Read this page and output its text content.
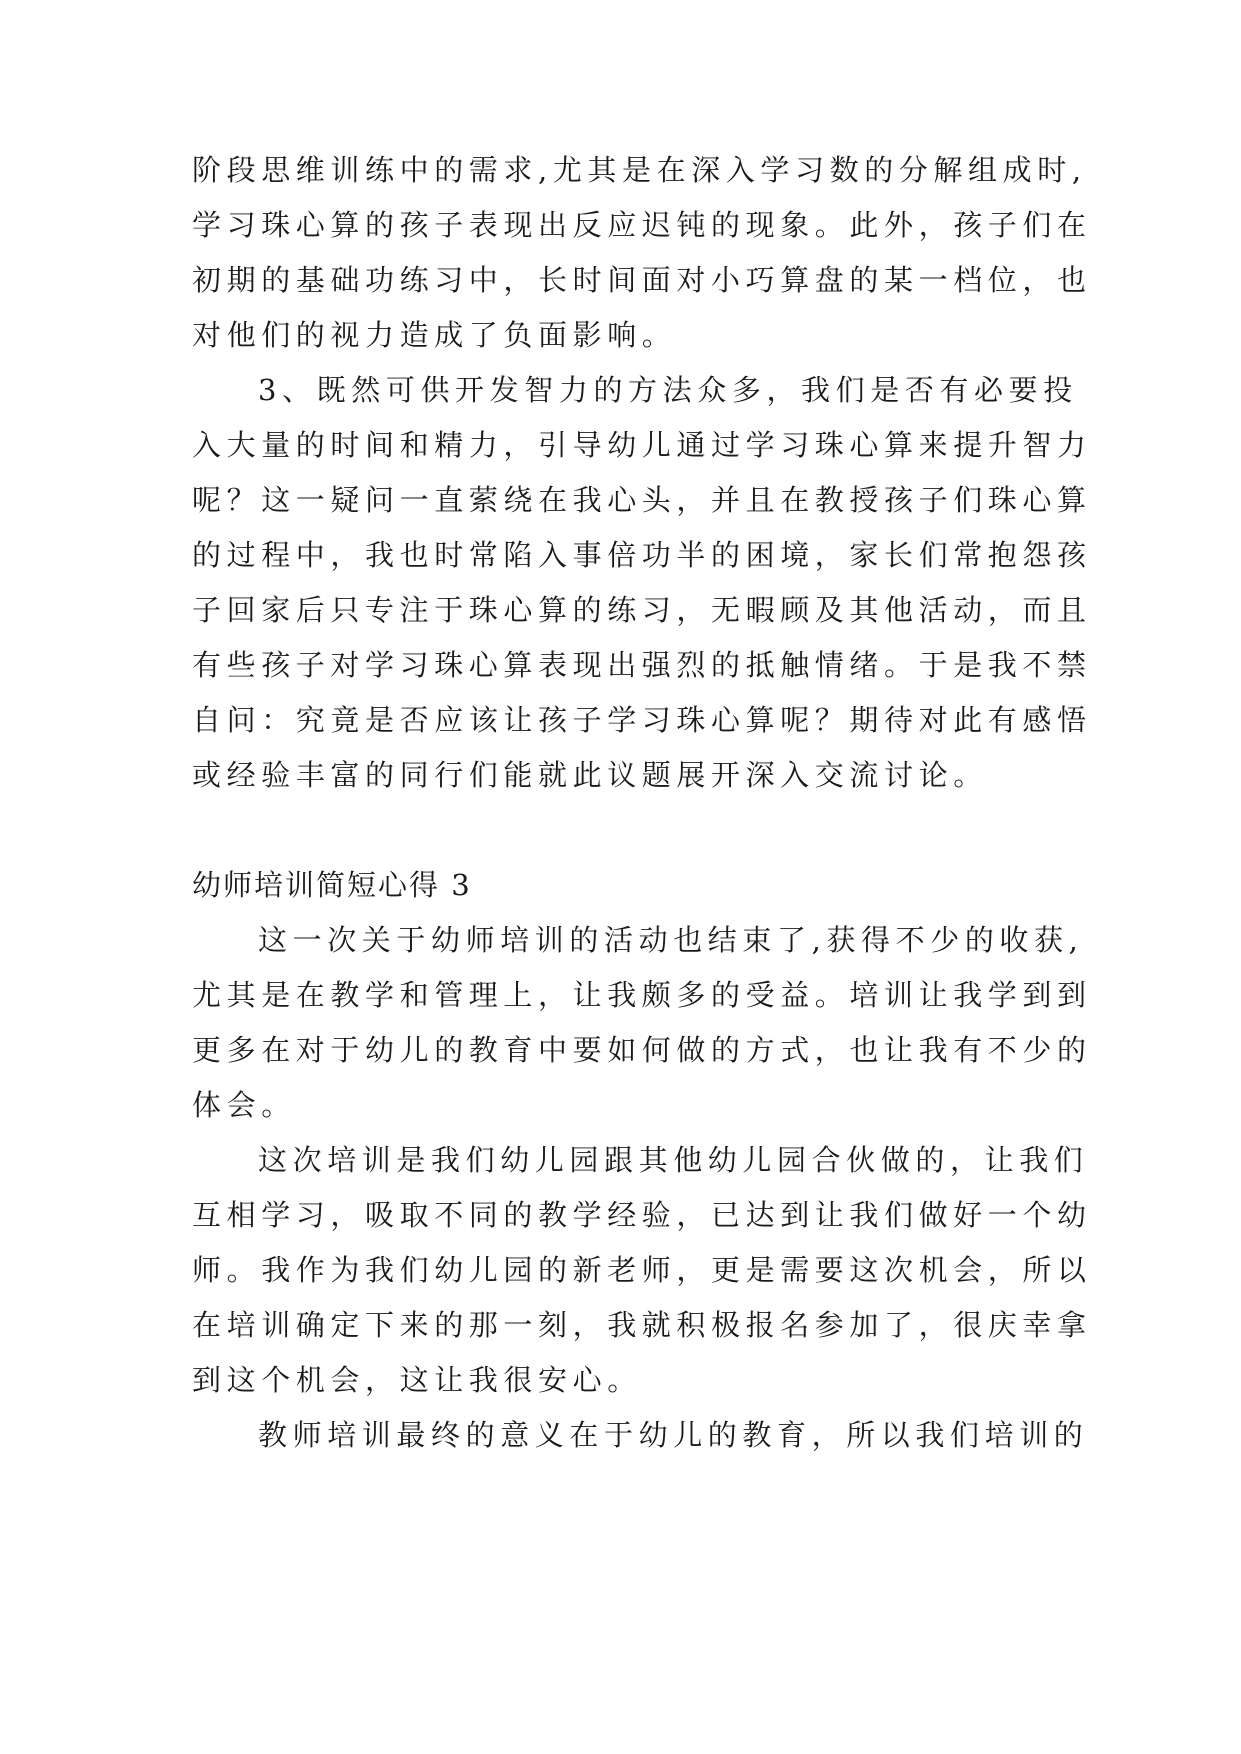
阶段思维训练中的需求,尤其是在深入学习数的分解组成时,
学习珠心算的孩子表现出反应迟钝的现象。此外，孩子们在
初期的基础功练习中，长时间面对小巧算盘的某一档位，也
对他们的视力造成了负面影响。
3、既然可供开发智力的方法众多，我们是否有必要投
入大量的时间和精力，引导幼儿通过学习珠心算来提升智力
呢？这一疑问一直萦绕在我心头，并且在教授孩子们珠心算
的过程中，我也时常陷入事倍功半的困境，家长们常抱怨孩
子回家后只专注于珠心算的练习，无暇顾及其他活动，而且
有些孩子对学习珠心算表现出强烈的抵触情绪。于是我不禁
自问：究竟是否应该让孩子学习珠心算呢？期待对此有感悟
或经验丰富的同行们能就此议题展开深入交流讨论。
幼师培训简短心得 3
这一次关于幼师培训的活动也结束了,获得不少的收获,
尤其是在教学和管理上，让我颇多的受益。培训让我学到到
更多在对于幼儿的教育中要如何做的方式，也让我有不少的
体会。
这次培训是我们幼儿园跟其他幼儿园合伙做的，让我们
互相学习，吸取不同的教学经验，已达到让我们做好一个幼
师。我作为我们幼儿园的新老师，更是需要这次机会，所以
在培训确定下来的那一刻，我就积极报名参加了，很庆幸拿
到这个机会，这让我很安心。
教师培训最终的意义在于幼儿的教育，所以我们培训的
